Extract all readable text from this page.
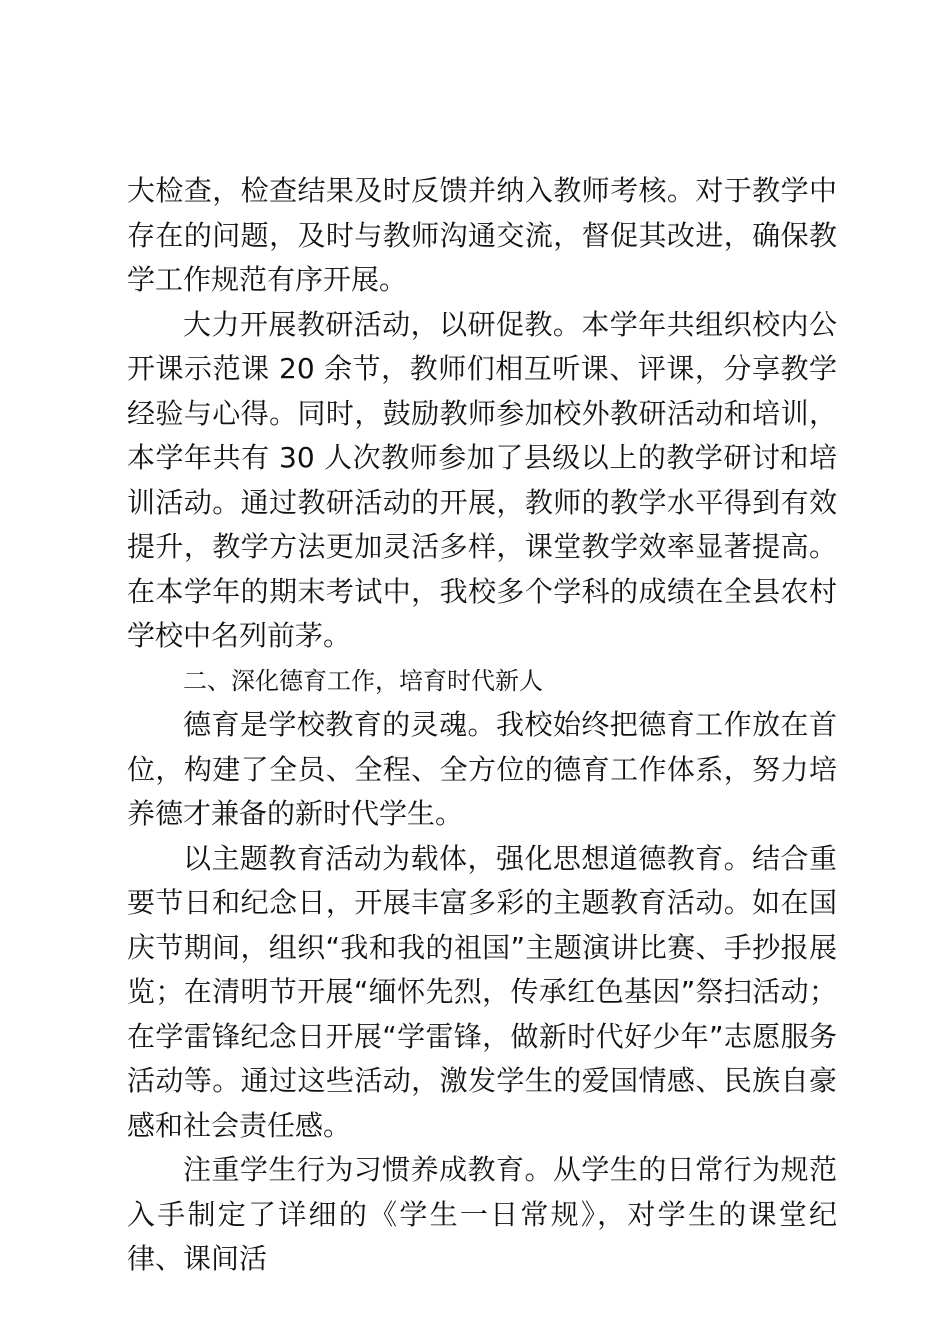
大检查，检查结果及时反馈并纳入教师考核。对于教学中存在的问题，及时与教师沟通交流，督促其改进，确保教学工作规范有序开展。

大力开展教研活动，以研促教。本学年共组织校内公开课示范课 20 余节，教师们相互听课、评课，分享教学经验与心得。同时，鼓励教师参加校外教研活动和培训，本学年共有 30 人次教师参加了县级以上的教学研讨和培训活动。通过教研活动的开展，教师的教学水平得到有效提升，教学方法更加灵活多样，课堂教学效率显著提高。在本学年的期末考试中，我校多个学科的成绩在全县农村学校中名列前茅。

二、深化德育工作，培育时代新人

德育是学校教育的灵魂。我校始终把德育工作放在首位，构建了全员、全程、全方位的德育工作体系，努力培养德才兼备的新时代学生。

以主题教育活动为载体，强化思想道德教育。结合重要节日和纪念日，开展丰富多彩的主题教育活动。如在国庆节期间，组织“我和我的祖国”主题演讲比赛、手抄报展览；在清明节开展“缅怀先烈，传承红色基因”祭扫活动；在学雷锋纪念日开展“学雷锋，做新时代好少年”志愿服务活动等。通过这些活动，激发学生的爱国情感、民族自豪感和社会责任感。

注重学生行为习惯养成教育。从学生的日常行为规范入手制定了详细的《学生一日常规》，对学生的课堂纪律、课间活
